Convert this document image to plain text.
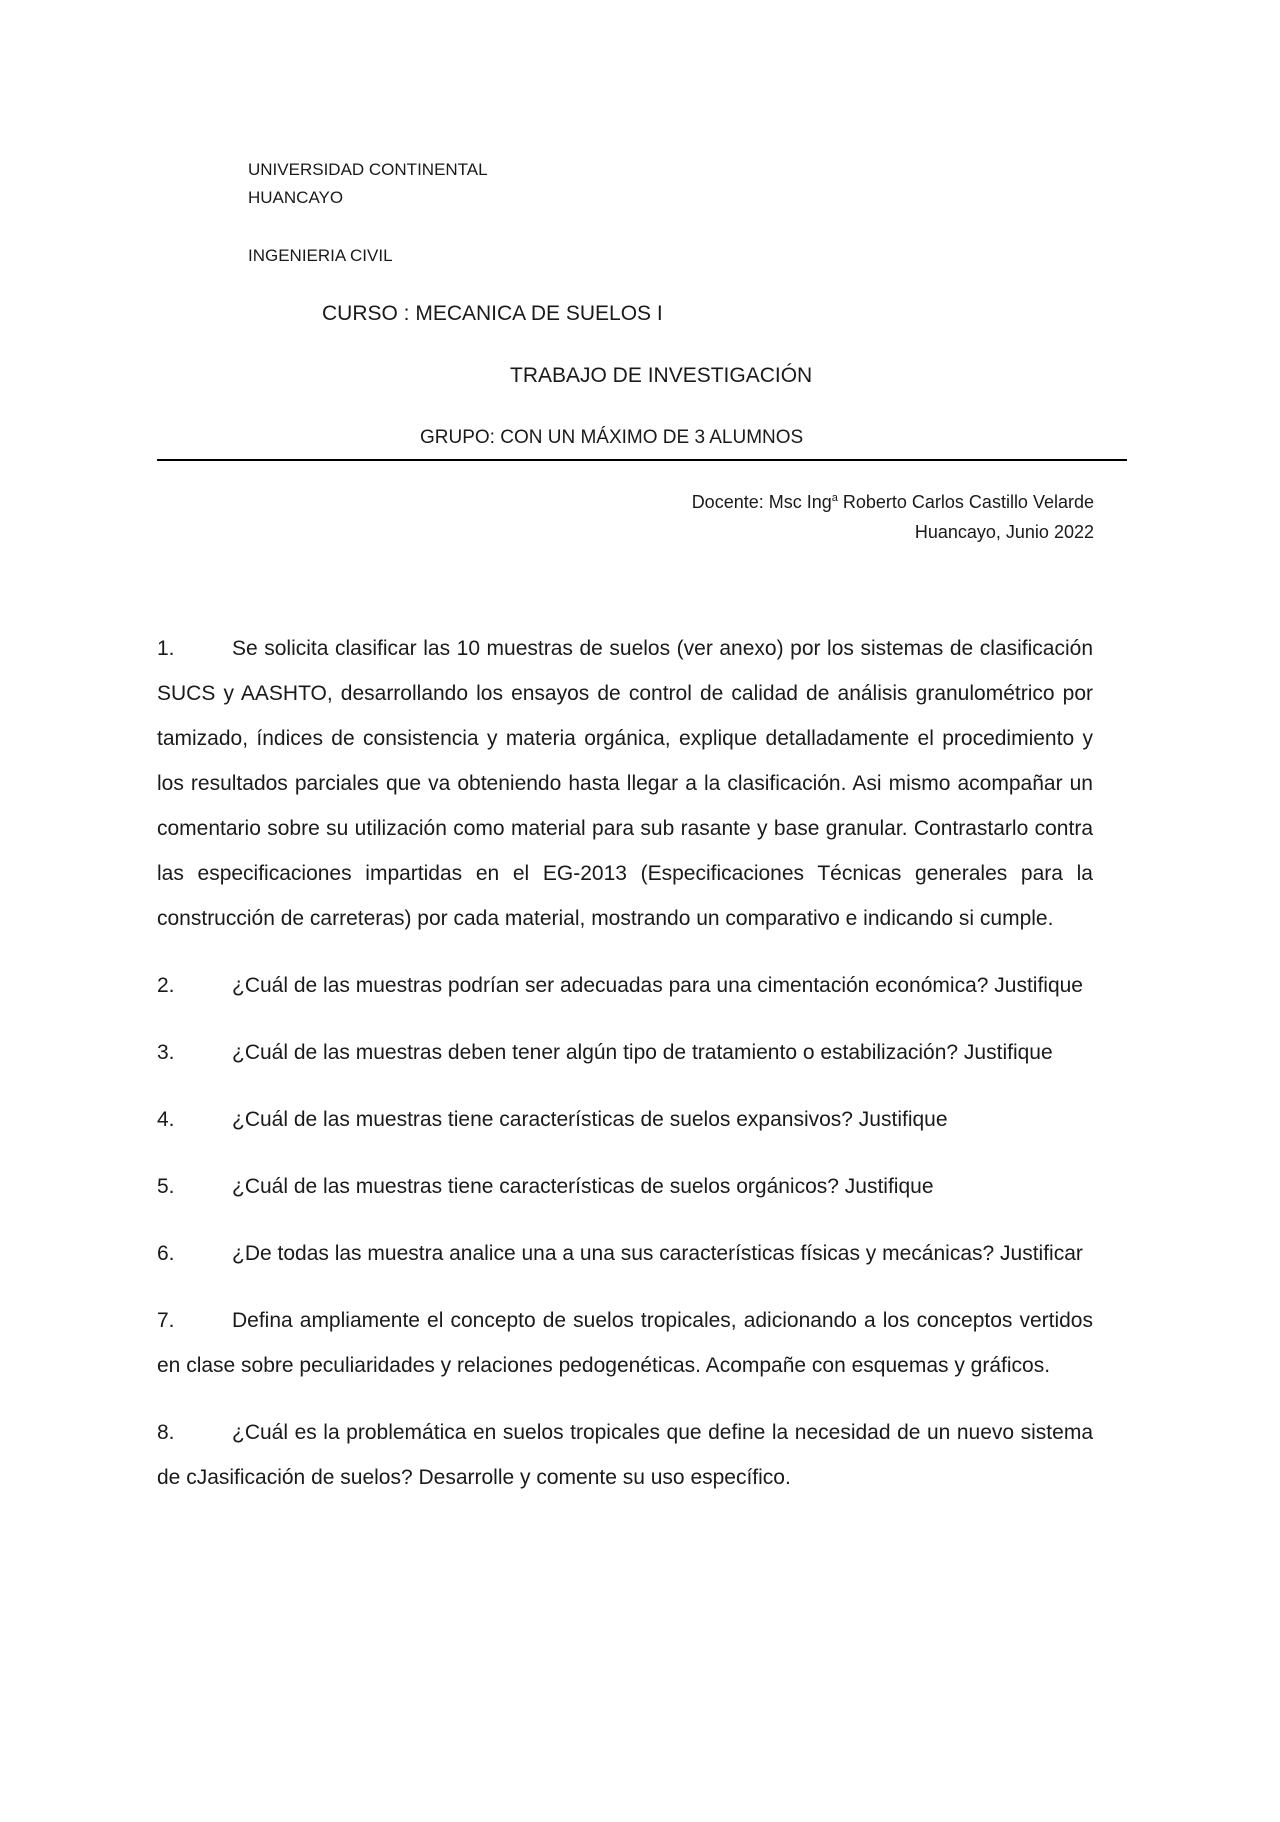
UNIVERSIDAD CONTINENTAL
HUANCAYO
INGENIERIA CIVIL
CURSO : MECANICA DE SUELOS I
TRABAJO DE INVESTIGACIÓN
GRUPO: CON UN MÁXIMO DE 3 ALUMNOS
Docente: Msc Ing$^a$ Roberto Carlos Castillo Velarde
Huancayo, Junio 2022

1.	Se solicita clasificar las 10 muestras de suelos (ver anexo) por los sistemas de clasificación SUCS y AASHTO, desarrollando los ensayos de control de calidad de análisis granulométrico por tamizado, índices de consistencia y materia orgánica, explique detalladamente el procedimiento y los resultados parciales que va obteniendo hasta llegar a la clasificación. Asi mismo acompañar un comentario sobre su utilización como material para sub rasante y base granular. Contrastarlo contra las especificaciones impartidas en el EG-2013 (Especificaciones Técnicas generales para la construcción de carreteras) por cada material, mostrando un comparativo e indicando si cumple.

2.	¿Cuál de las muestras podrían ser adecuadas para una cimentación económica? Justifique

3.	¿Cuál de las muestras deben tener algún tipo de tratamiento o estabilización? Justifique

4.	¿Cuál de las muestras tiene características de suelos expansivos? Justifique

5.	¿Cuál de las muestras tiene características de suelos orgánicos? Justifique

6.	¿De todas las muestra analice una a una sus características físicas y mecánicas? Justificar

7.	Defina ampliamente el concepto de suelos tropicales, adicionando a los conceptos vertidos en clase sobre peculiaridades y relaciones pedogenéticas. Acompañe con esquemas y gráficos.

8.	¿Cuál es la problemática en suelos tropicales que define la necesidad de un nuevo sistema de cJasificación de suelos? Desarrolle y comente su uso específico.
